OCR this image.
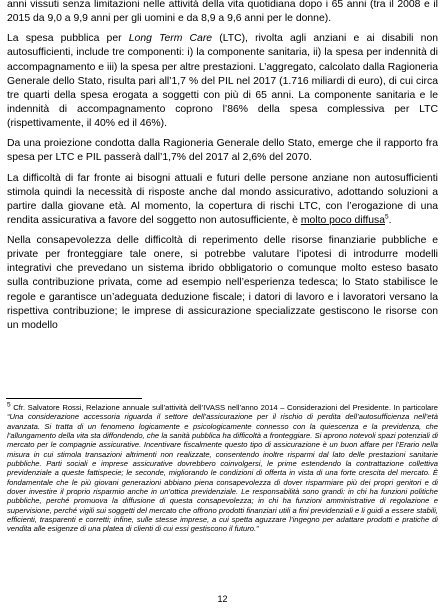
anni vissuti senza limitazioni nelle attività della vita quotidiana dopo i 65 anni (tra il 2008 e il 2015 da 9,0 a 9,9 anni per gli uomini e da 8,9 a 9,6 anni per le donne).

La spesa pubblica per Long Term Care (LTC), rivolta agli anziani e ai disabili non autosufficienti, include tre componenti: i) la componente sanitaria, ii) la spesa per indennità di accompagnamento e iii) la spesa per altre prestazioni. L’aggregato, calcolato dalla Ragioneria Generale dello Stato, risulta pari all’1,7 % del PIL nel 2017 (1.716 miliardi di euro), di cui circa tre quarti della spesa erogata a soggetti con più di 65 anni. La componente sanitaria e le indennità di accompagnamento coprono l’86% della spesa complessiva per LTC (rispettivamente, il 40% ed il 46%).

Da una proiezione condotta dalla Ragioneria Generale dello Stato, emerge che il rapporto fra spesa per LTC e PIL passerà dall’1,7% del 2017 al 2,6% del 2070.

La difficoltà di far fronte ai bisogni attuali e futuri delle persone anziane non autosufficienti stimola quindi la necessità di risposte anche dal mondo assicurativo, adottando soluzioni a partire dalla giovane età. Al momento, la copertura di rischi LTC, con l’erogazione di una rendita assicurativa a favore del soggetto non autosufficiente, è molto poco diffusa$^5$.

Nella consapevolezza delle difficoltà di reperimento delle risorse finanziarie pubbliche e private per fronteggiare tale onere, si potrebbe valutare l’ipotesi di introdurre modelli integrativi che prevedano un sistema ibrido obbligatorio o comunque molto esteso basato sulla contribuzione privata, come ad esempio nell’esperienza tedesca; lo Stato stabilisce le regole e garantisce un’adeguata deduzione fiscale; i datori di lavoro e i lavoratori versano la rispettiva contribuzione; le imprese di assicurazione specializzate gestiscono le risorse con un modello

$^5$ Cfr. Salvatore Rossi, Relazione annuale sull’attività dell’IVASS nell’anno 2014 – Considerazioni del Presidente. In particolare “Una considerazione accessoria riguarda il settore dell’assicurazione per il rischio di perdita dell’autosufficienza nell’età avanzata. Si tratta di un fenomeno logicamente e psicologicamente connesso con la quiescenza e la previdenza, che l’allungamento della vita sta diffondendo, che la sanità pubblica ha difficoltà a fronteggiare. Si aprono notevoli spazi potenziali di mercato per le compagnie assicurative. Incentivare fiscalmente questo tipo di assicurazione è un buon affare per l’Erario nella misura in cui stimola transazioni altrimenti non realizzate, consentendo inoltre risparmi dal lato delle prestazioni sanitarie pubbliche. Parti sociali e imprese assicurative dovrebbero coinvolgersi, le prime estendendo la contrattazione collettiva previdenziale a queste fattispecie; le seconde, migliorando le condizioni di offerta in vista di una forte crescita del mercato. È fondamentale che le più giovani generazioni abbiano piena consapevolezza di dover risparmiare più dei propri genitori e di dover investire il proprio risparmio anche in un’ottica previdenziale. Le responsabilità sono grandi: in chi ha funzioni politiche pubbliche, perché promuova la diffusione di questa consapevolezza; in chi ha funzioni amministrative di regolazione e supervisione, perché vigili sui soggetti del mercato che offrono prodotti finanziari utili a fini previdenziali e li guidi a essere stabili, efficienti, trasparenti e corretti; infine, sulle stesse imprese, a cui spetta aguzzare l’ingegno per adattare prodotti e pratiche di vendita alle esigenze di una platea di clienti di cui essi gestiscono il futuro.”
12
